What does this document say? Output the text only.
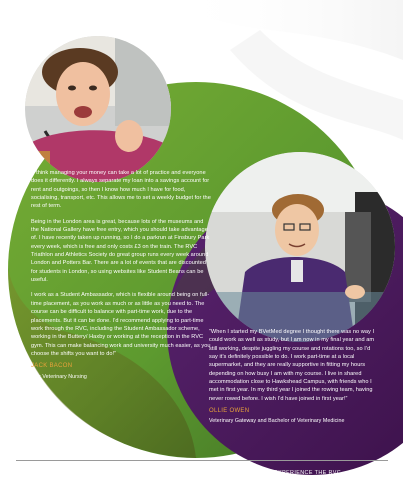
“I think managing your money can take a lot of practice and everyone does it differently. I always separate my loan into a savings account for rent and outgoings, so then I know how much I have for food, socialising, transport, etc. This allows me to set a weekly budget for the rest of term.

Being in the London area is great, because lots of the museums and the National Gallery have free entry, which you should take advantage of. I have recently taken up running, so I do a parkrun at Finsbury Park every week, which is free and only costs £3 on the train. The RVC Triathlon and Athletics Society do great group runs every week around London and Potters Bar. There are a lot of events that are discounted for students in London, so using websites like Student Beans can be useful.

I work as a Student Ambassador, which is flexible around being on full-time placement, as you work as much or as little as you need to. The course can be difficult to balance with part-time work, due to the placements. But it can be done. I’d recommend applying to part-time work through the RVC, including the Student Ambassador scheme, working in the Buttery/ Haxby or working at the reception in the RVC gym. This can make balancing work and university much easier, as you choose the shifts you want to do!”

JACK BACON
BSc Veterinary Nursing

“When I started my BVetMed degree I thought there was no way I could work as well as study, but I am now in my final year and am still working, despite juggling my course and rotations too, so I’d say it’s definitely possible to do. I work part-time at a local supermarket, and they are really supportive in fitting my hours depending on how busy I am with my course. I live in shared accommodation close to Hawkshead Campus, with friends who I met in first year. In my third year I joined the rowing team, having never rowed before. I wish I’d have joined in first year!”

OLLIE OWEN
Veterinary Gateway and Bachelor of Veterinary Medicine
EXPERIENCE THE RVC	91
